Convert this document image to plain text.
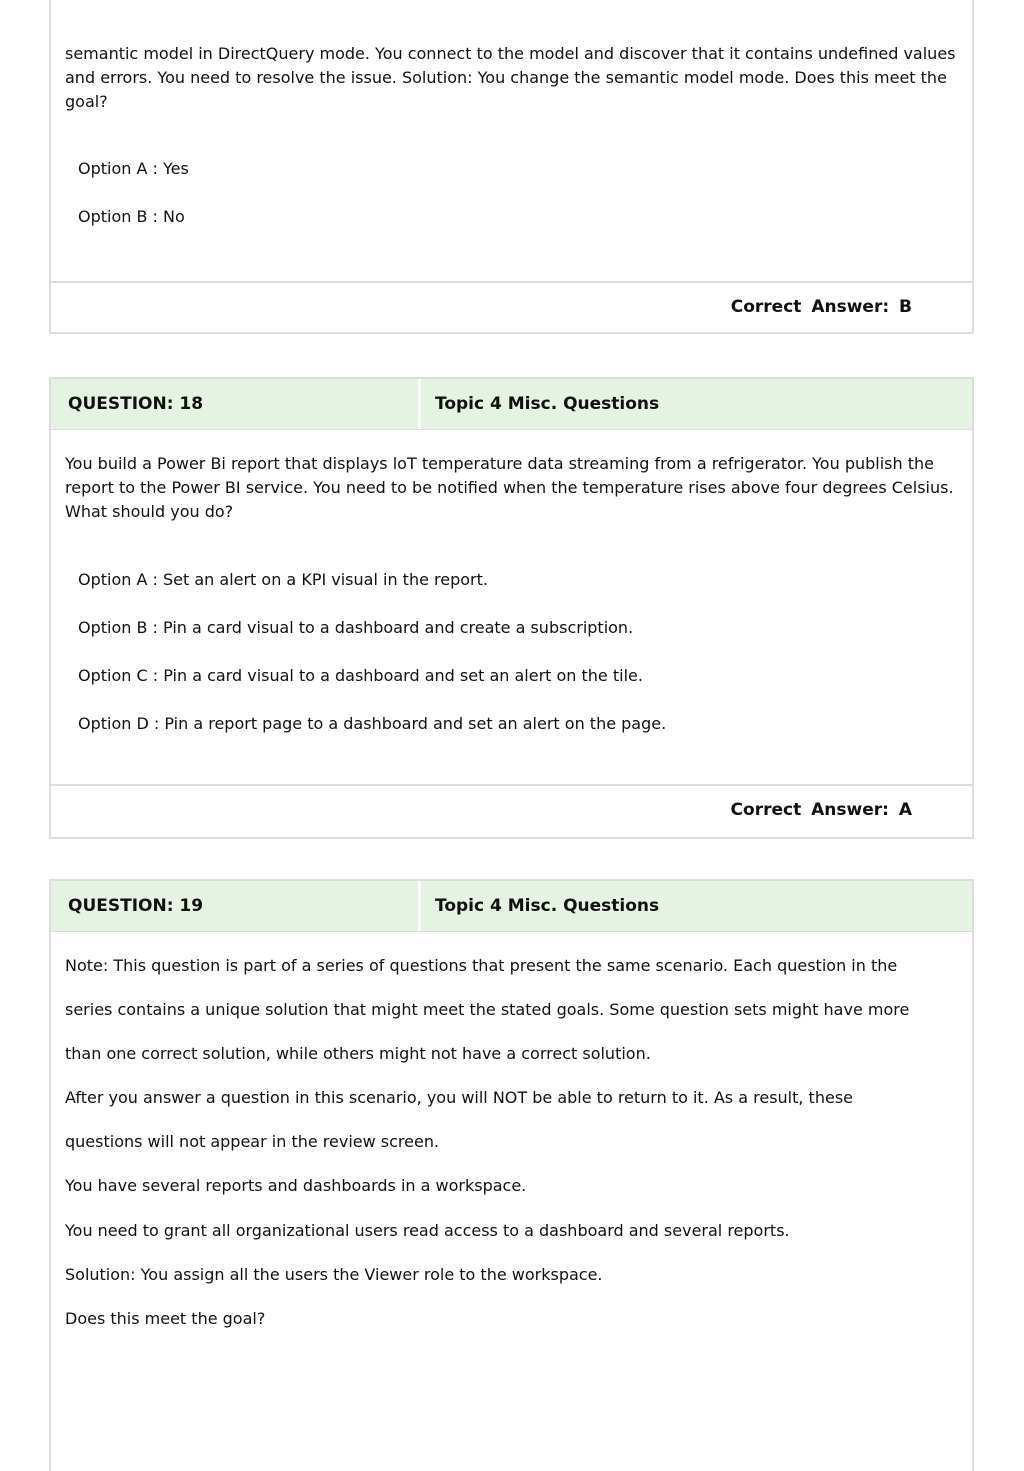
semantic model in DirectQuery mode. You connect to the model and discover that it contains undefined values and errors. You need to resolve the issue. Solution: You change the semantic model mode. Does this meet the goal?

Option A : Yes
Option B : No
Correct Answer: B
QUESTION: 18	Topic 4 Misc. Questions

You build a Power Bi report that displays loT temperature data streaming from a refrigerator. You publish the report to the Power BI service. You need to be notified when the temperature rises above four degrees Celsius. What should you do?

Option A : Set an alert on a KPI visual in the report.
Option B : Pin a card visual to a dashboard and create a subscription.
Option C : Pin a card visual to a dashboard and set an alert on the tile.
Option D : Pin a report page to a dashboard and set an alert on the page.
Correct Answer: A
QUESTION: 19	Topic 4 Misc. Questions
Note: This question is part of a series of questions that present the same scenario. Each question in the
series contains a unique solution that might meet the stated goals. Some question sets might have more
than one correct solution, while others might not have a correct solution.
After you answer a question in this scenario, you will NOT be able to return to it. As a result, these
questions will not appear in the review screen.
You have several reports and dashboards in a workspace.
You need to grant all organizational users read access to a dashboard and several reports.
Solution: You assign all the users the Viewer role to the workspace.
Does this meet the goal?
